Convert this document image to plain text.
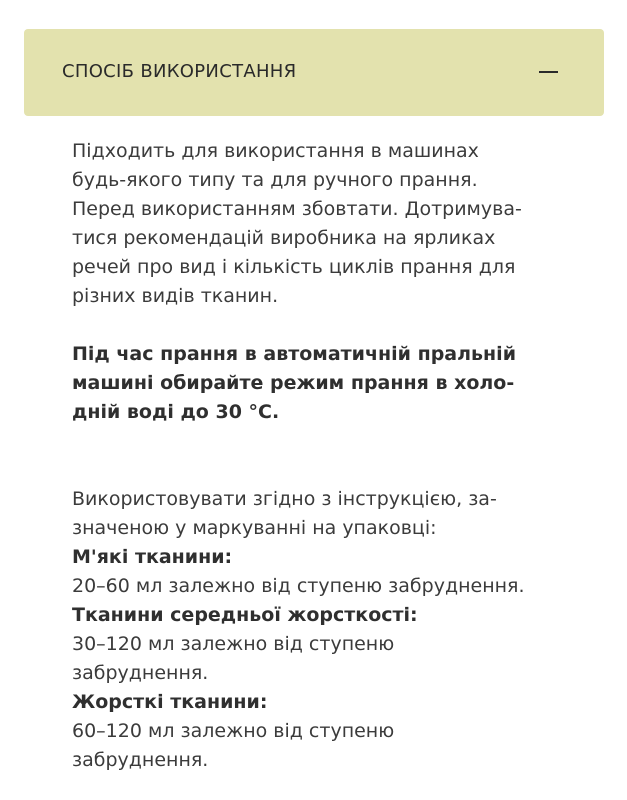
СПОСІБ ВИКОРИСТАННЯ

Підходить для використання в машинах
будь-якого типу та для ручного прання.
Перед використанням збовтати. Дотримува-
тися рекомендацій виробника на ярликах
речей про вид і кількість циклів прання для
різних видів тканин.

Під час прання в автоматичній пральній
машині обирайте режим прання в холо-
дній воді до 30 °С.

Використовувати згідно з інструкцією, за-
значеною у маркуванні на упаковці:
М'які тканини:
20–60 мл залежно від ступеню забруднення.
Тканини середньої жорсткості:
30–120 мл залежно від ступеню
забруднення.
Жорсткі тканини:
60–120 мл залежно від ступеню
забруднення.
